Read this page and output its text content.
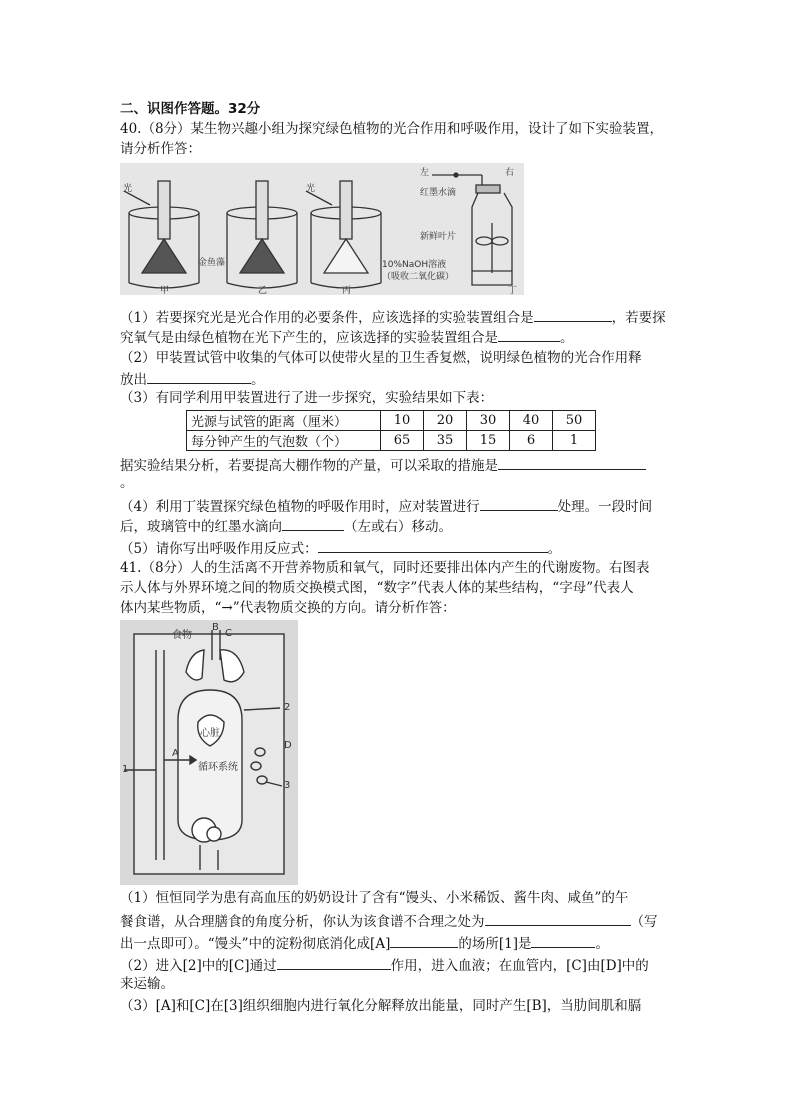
二、识图作答题。32分
40.（8分）某生物兴趣小组为探究绿色植物的光合作用和呼吸作用，设计了如下实验装置，
请分析作答：
光	光
左	右
红墨水滴
新鲜叶片
金鱼藻	10%NaOH溶液
（吸收二氧化碳）
甲	乙	丙	丁
（1）若要探究光是光合作用的必要条件，应该选择的实验装置组合是	，若要探
究氧气是由绿色植物在光下产生的，应该选择的实验装置组合是	。
（2）甲装置试管中收集的气体可以使带火星的卫生香复燃，说明绿色植物的光合作用释
放出	。
（3）有同学利用甲装置进行了进一步探究，实验结果如下表：
光源与试管的距离（厘米）	10	20	30	40	50
每分钟产生的气泡数（个）	65	35	15	6	1
据实验结果分析，若要提高大棚作物的产量，可以采取的措施是
。
（4）利用丁装置探究绿色植物的呼吸作用时，应对装置进行	处理。一段时间
后，玻璃管中的红墨水滴向	（左或右）移动。
（5）请你写出呼吸作用反应式：	。
41.（8分）人的生活离不开营养物质和氧气，同时还要排出体内产生的代谢废物。右图表
示人体与外界环境之间的物质交换模式图，“数字”代表人体的某些结构，“字母”代表人
体内某些物质，“→”代表物质交换的方向。请分析作答：
食物
B
C
2
心脏
D
A
循环系统
1
3
（1）恒恒同学为患有高血压的奶奶设计了含有“馒头、小米稀饭、酱牛肉、咸鱼”的午
餐食谱，从合理膳食的角度分析，你认为该食谱不合理之处为	（写
出一点即可）。“馒头”中的淀粉彻底消化成[A]	的场所[1]是	。
（2）进入[2]中的[C]通过	作用，进入血液；在血管内，[C]由[D]中的
来运输。
（3）[A]和[C]在[3]组织细胞内进行氧化分解释放出能量，同时产生[B]，当肋间肌和膈
